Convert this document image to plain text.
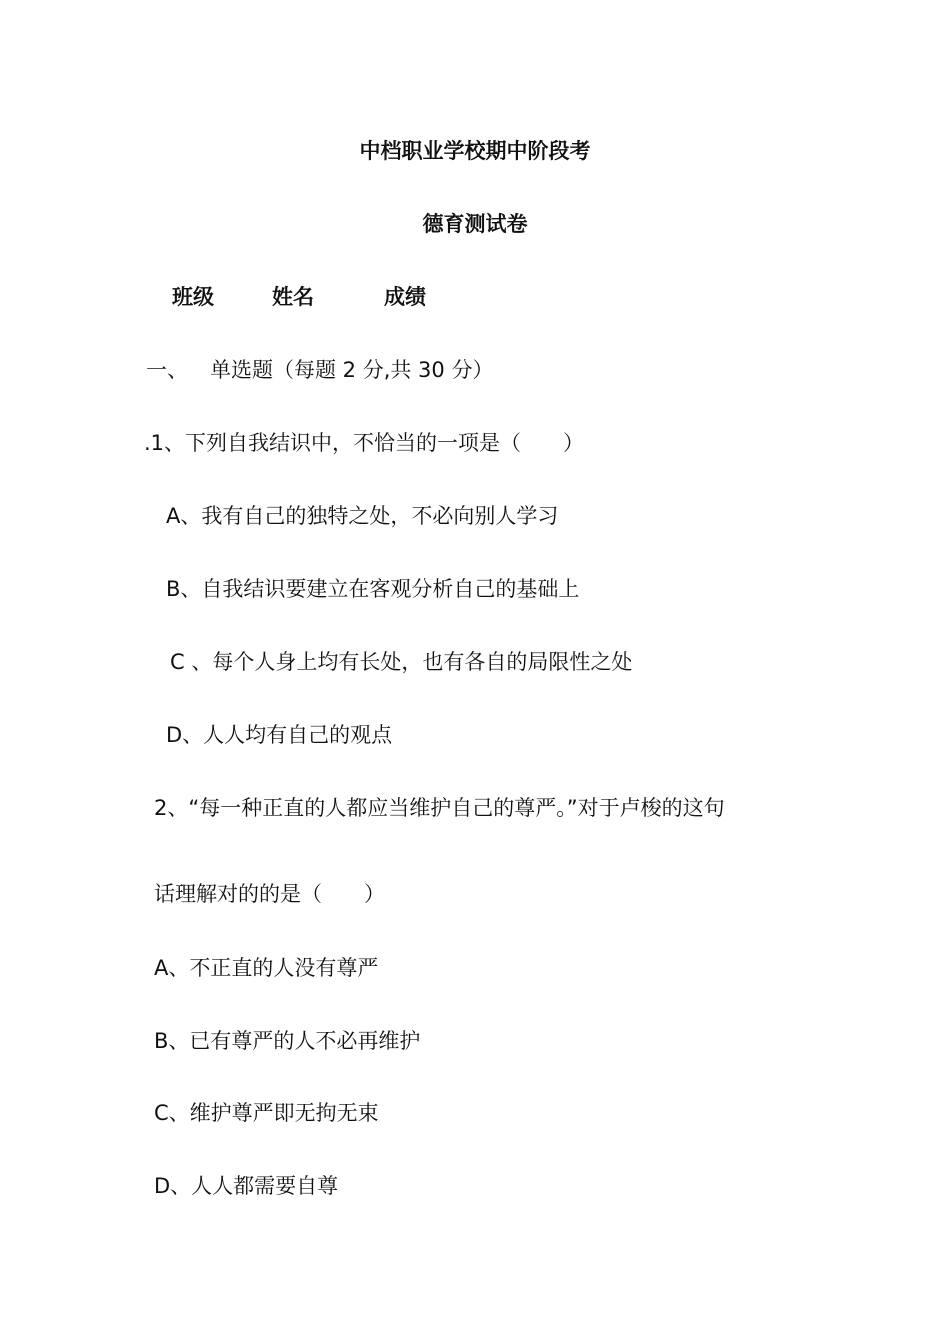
中档职业学校期中阶段考
德育测试卷
班级	姓名	成绩
一、 单选题（每题 2 分,共 30 分）
.1、下列自我结识中，不恰当的一项是（　　）
A、我有自己的独特之处，不必向别人学习
B、自我结识要建立在客观分析自己的基础上
C 、每个人身上均有长处，也有各自的局限性之处
D、人人均有自己的观点
2、“每一种正直的人都应当维护自己的尊严。”对于卢梭的这句
话理解对的的是（　　）
A、不正直的人没有尊严
B、已有尊严的人不必再维护
C、维护尊严即无拘无束
D、人人都需要自尊
